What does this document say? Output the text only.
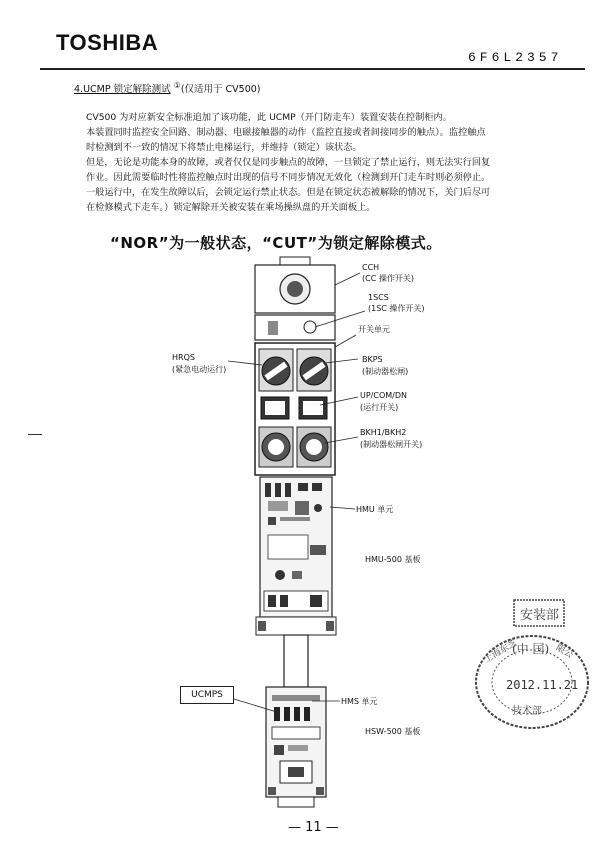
TOSHIBA
6F6L2357
4.UCMP 锁定解除测试 ①(仅适用于 CV500)
CV500 为对应新安全标准追加了该功能，此 UCMP（开门防走车）装置安装在控制柜内。
本装置同时监控安全回路、制动器、电磁接触器的动作（监控直接或者间接同步的触点）。监控触点
时检测到不一致的情况下将禁止电梯运行，并维持（锁定）该状态。
但是，无论是功能本身的故障，或者仅仅是同步触点的故障，一旦锁定了禁止运行，则无法实行回复
作业。因此需要临时性将监控触点时出现的信号不同步情况无效化（检测到开门走车时则必须停止。
一般运行中，在发生故障以后，会锁定运行禁止状态。但是在锁定状态被解除的情况下，关门后尽可
在检修模式下走车。）锁定解除开关被安装在乘场操纵盘的开关面板上。
“NOR”为一般状态，“CUT”为锁定解除模式。
CCH
(CC 操作开关)
1SCS
(1SC 操作开关)
开关单元
HRQS
(紧急电动运行)
BKPS
(制动器松闸)
UP/COM/DN
(运行开关)
BKH1/BKH2
(制动器松闸开关)
HMU 单元
HMU-500 基板
UCMPS
HMS 单元
HSW-500 基板
安装部
上海东芝
(中 国) 限公
2012.11.21
技术部
— 11 —
